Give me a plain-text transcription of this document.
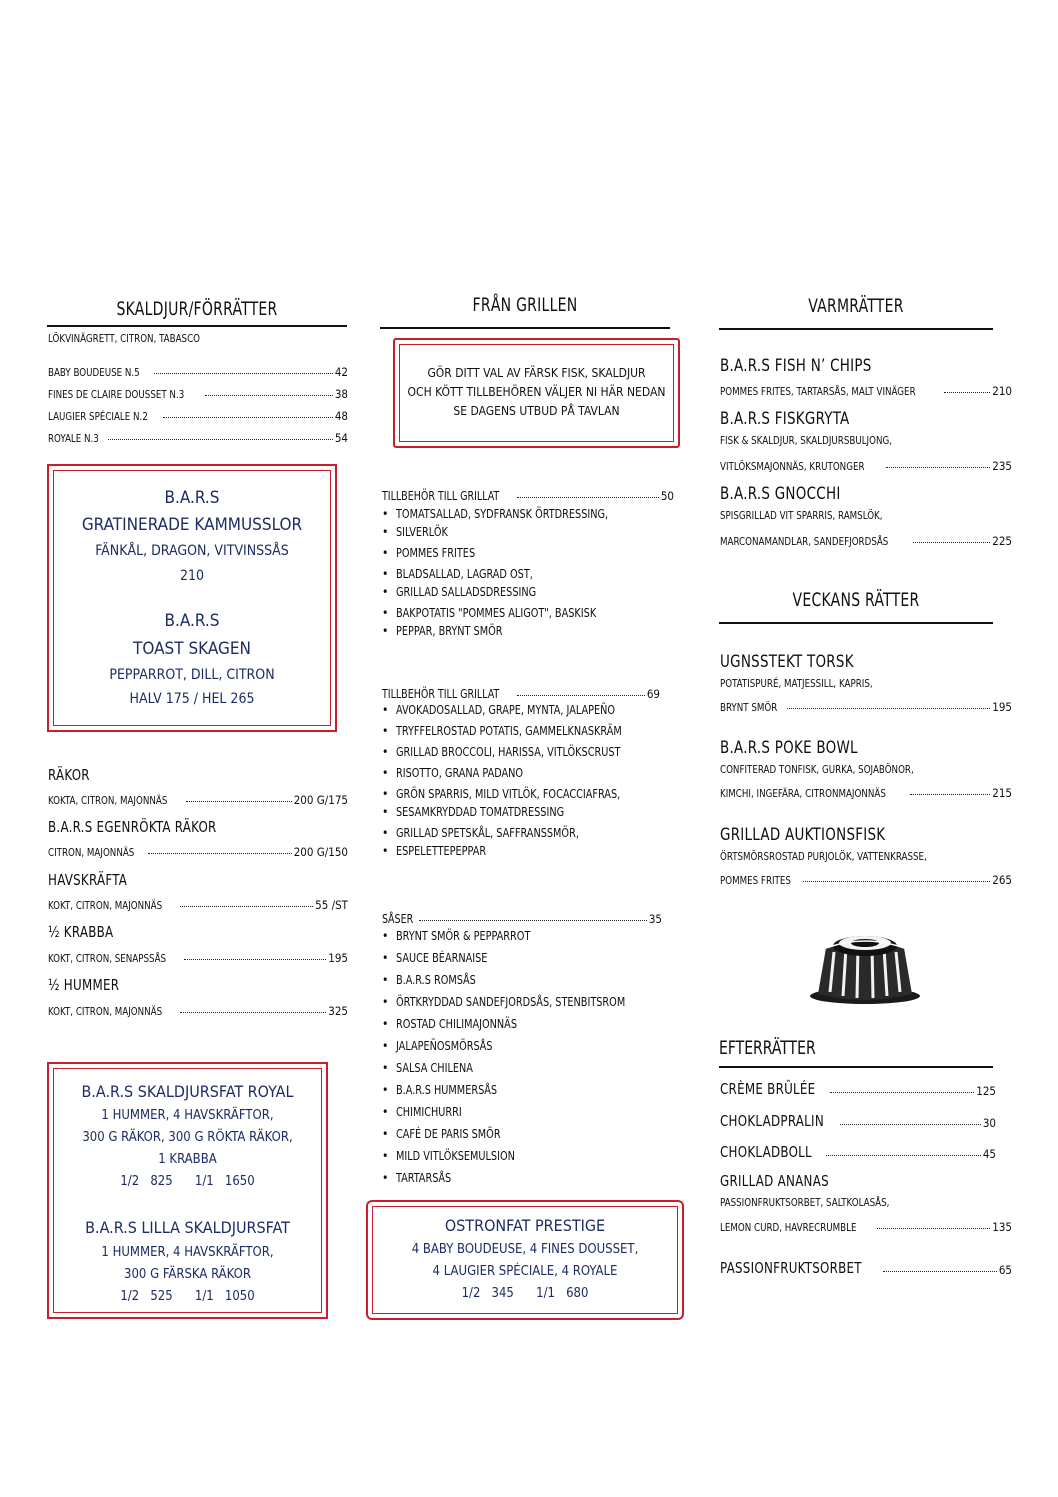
SKALDJUR/FÖRRÄTTER
LÖKVINÄGRETT, CITRON, TABASCO
BABY BOUDEUSE N.5	42
FINES DE CLAIRE DOUSSET N.3	38
LAUGIER SPÉCIALE N.2	48
ROYALE N.3	54
B.A.R.S
GRATINERADE KAMMUSSLOR
FÄNKÅL, DRAGON, VITVINSSÅS
210
B.A.R.S
TOAST SKAGEN
PEPPARROT, DILL, CITRON
HALV 175 / HEL 265
RÄKOR
KOKTA, CITRON, MAJONNÄS	200 G/175
B.A.R.S EGENRÖKTA RÄKOR
CITRON, MAJONNÄS	200 G/150
HAVSKRÄFTA
KOKT, CITRON, MAJONNÄS	55 /ST
½ KRABBA
KOKT, CITRON, SENAPSSÅS	195
½ HUMMER
KOKT, CITRON, MAJONNÄS	325
B.A.R.S SKALDJURSFAT ROYAL
1 HUMMER, 4 HAVSKRÄFTOR,
300 G RÄKOR, 300 G RÖKTA RÄKOR,
1 KRABBA
1/2   825      1/1   1650
B.A.R.S LILLA SKALDJURSFAT
1 HUMMER, 4 HAVSKRÄFTOR,
300 G FÄRSKA RÄKOR
1/2   525      1/1   1050
FRÅN GRILLEN
GÖR DITT VAL AV FÄRSK FISK, SKALDJUR
OCH KÖTT TILLBEHÖREN VÄLJER NI HÄR NEDAN
SE DAGENS UTBUD PÅ TAVLAN
TILLBEHÖR TILL GRILLAT	50
• TOMATSALLAD, SYDFRANSK ÖRTDRESSING,
• SILVERLÖK
• POMMES FRITES
• BLADSALLAD, LAGRAD OST,
• GRILLAD SALLADSDRESSING
• BAKPOTATIS "POMMES ALIGOT", BASKISK
• PEPPAR, BRYNT SMÖR
TILLBEHÖR TILL GRILLAT	69
• AVOKADOSALLAD, GRAPE, MYNTA, JALAPEÑO
• TRYFFELROSTAD POTATIS, GAMMELKNASKRÄM
• GRILLAD BROCCOLI, HARISSA, VITLÖKSCRUST
• RISOTTO, GRANA PADANO
• GRÖN SPARRIS, MILD VITLÖK, FOCACCIAFRAS,
• SESAMKRYDDAD TOMATDRESSING
• GRILLAD SPETSKÅL, SAFFRANSSMÖR,
• ESPELETTEPEPPAR
SÅSER	35
• BRYNT SMÖR & PEPPARROT
• SAUCE BÉARNAISE
• B.A.R.S ROMSÅS
• ÖRTKRYDDAD SANDEFJORDSÅS, STENBITSROM
• ROSTAD CHILIMAJONNÄS
• JALAPEÑOSMÖRSÅS
• SALSA CHILENA
• B.A.R.S HUMMERSÅS
• CHIMICHURRI
• CAFÉ DE PARIS SMÖR
• MILD VITLÖKSEMULSION
• TARTARSÅS
OSTRONFAT PRESTIGE
4 BABY BOUDEUSE, 4 FINES DOUSSET,
4 LAUGIER SPÉCIALE, 4 ROYALE
1/2   345      1/1   680
VARMRÄTTER
B.A.R.S FISH N’ CHIPS
POMMES FRITES, TARTARSÅS, MALT VINÄGER	210
B.A.R.S FISKGRYTA
FISK & SKALDJUR, SKALDJURSBULJONG,
VITLÖKSMAJONNÄS, KRUTONGER	235
B.A.R.S GNOCCHI
SPISGRILLAD VIT SPARRIS, RAMSLÖK,
MARCONAMANDLAR, SANDEFJORDSÅS	225
VECKANS RÄTTER
UGNSSTEKT TORSK
POTATISPURÉ, MATJESSILL, KAPRIS,
BRYNT SMÖR	195
B.A.R.S POKE BOWL
CONFITERAD TONFISK, GURKA, SOJABÖNOR,
KIMCHI, INGEFÄRA, CITRONMAJONNÄS	215
GRILLAD AUKTIONSFISK
ÖRTSMÖRSROSTAD PURJOLÖK, VATTENKRASSE,
POMMES FRITES	265
EFTERRÄTTER
CRÈME BRÛLÉE	125
CHOKLADPRALIN	30
CHOKLADBOLL	45
GRILLAD ANANAS
PASSIONFRUKTSORBET, SALTKOLASÅS,
LEMON CURD, HAVRECRUMBLE	135
PASSIONFRUKTSORBET	65
